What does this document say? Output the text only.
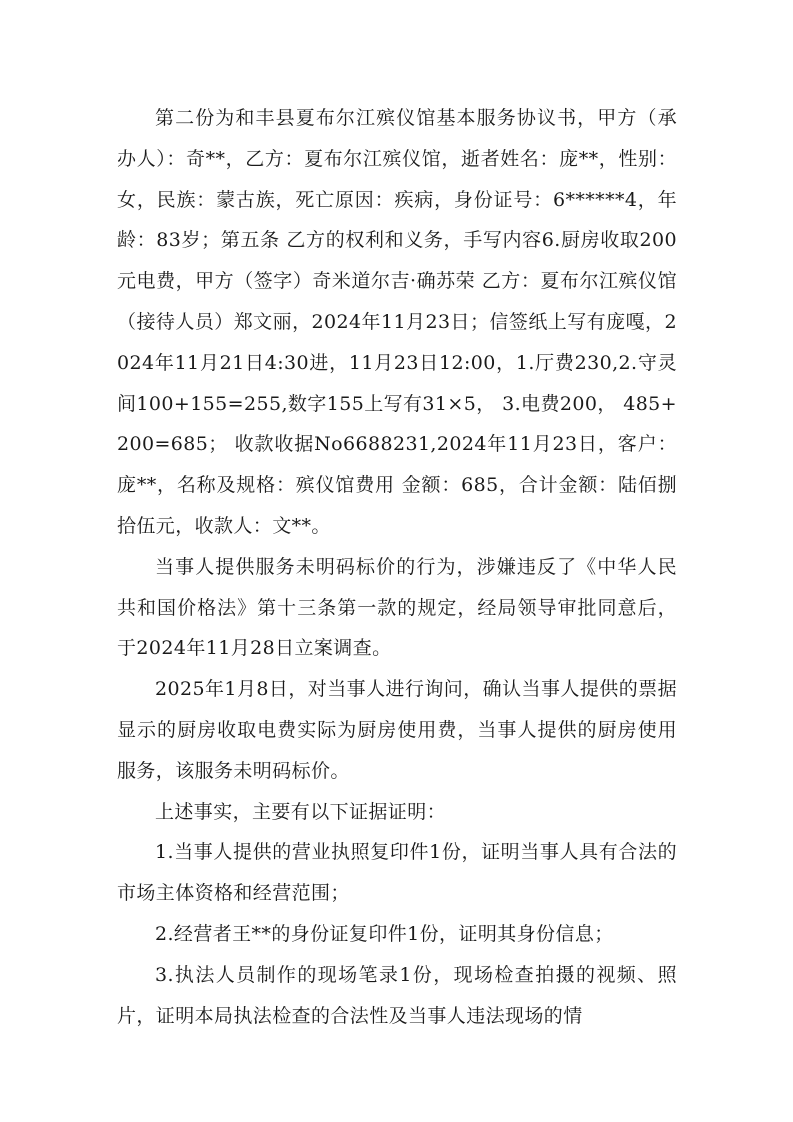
第二份为和丰县夏布尔江殡仪馆基本服务协议书，甲方（承办人）：奇**，乙方：夏布尔江殡仪馆，逝者姓名：庞**，性别：女，民族：蒙古族，死亡原因：疾病，身份证号：6******4，年龄：83岁；第五条 乙方的权利和义务，手写内容6.厨房收取200元电费，甲方（签字）奇米道尔吉·确苏荣 乙方：夏布尔江殡仪馆（接待人员）郑文丽，2024年11月23日；信签纸上写有庞嘎，2024年11月21日4:30进，11月23日12:00，1.厅费230,2.守灵间100+155=255,数字155上写有31×5， 3.电费200， 485+200=685； 收款收据No6688231,2024年11月23日，客户：庞**，名称及规格：殡仪馆费用 金额：685，合计金额：陆佰捌拾伍元，收款人：文**。

当事人提供服务未明码标价的行为，涉嫌违反了《中华人民共和国价格法》第十三条第一款的规定，经局领导审批同意后，于2024年11月28日立案调查。

2025年1月8日，对当事人进行询问，确认当事人提供的票据显示的厨房收取电费实际为厨房使用费，当事人提供的厨房使用服务，该服务未明码标价。

上述事实，主要有以下证据证明：

1.当事人提供的营业执照复印件1份，证明当事人具有合法的市场主体资格和经营范围；

2.经营者王**的身份证复印件1份，证明其身份信息；

3.执法人员制作的现场笔录1份，现场检查拍摄的视频、照片，证明本局执法检查的合法性及当事人违法现场的情
